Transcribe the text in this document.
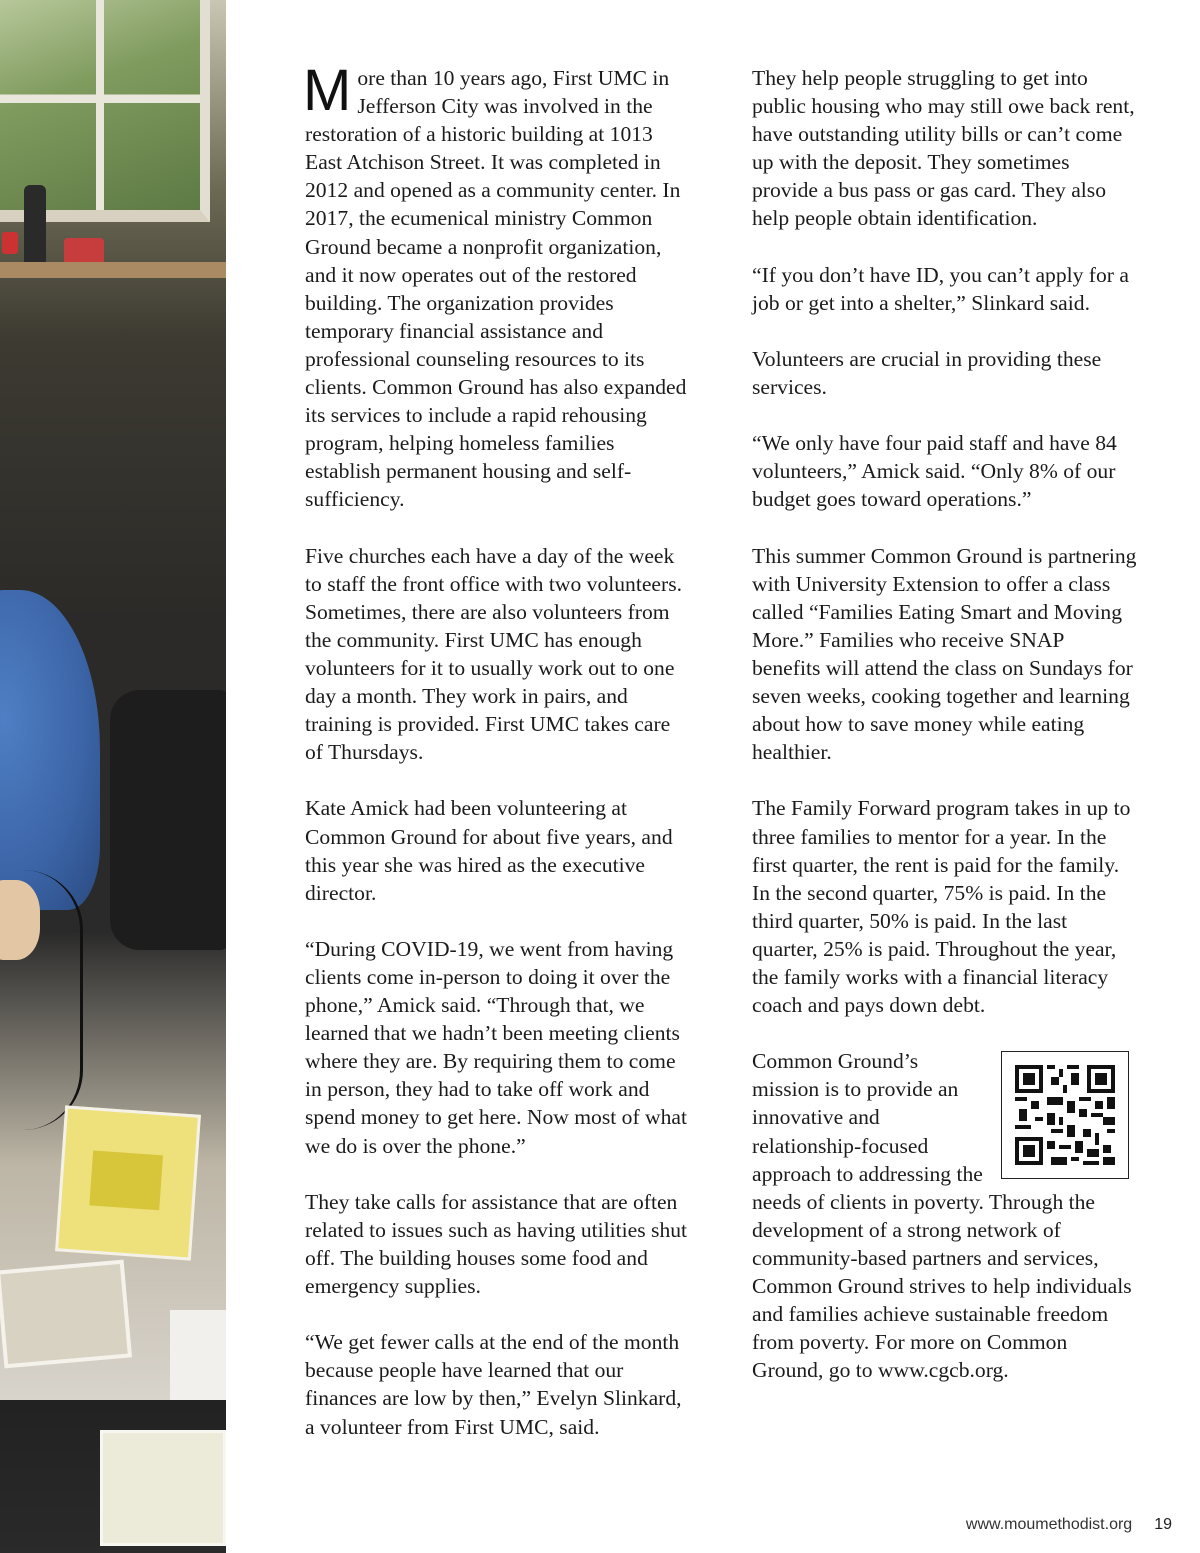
More than 10 years ago, First UMC in Jefferson City was involved in the restoration of a historic building at 1013 East Atchison Street. It was completed in 2012 and opened as a community center. In 2017, the ecumenical ministry Common Ground became a nonprofit organization, and it now operates out of the restored building. The organization provides temporary financial assistance and professional counseling resources to its clients. Common Ground has also expanded its services to include a rapid rehousing program, helping homeless families establish permanent housing and self-sufficiency.

Five churches each have a day of the week to staff the front office with two volunteers. Sometimes, there are also volunteers from the community. First UMC has enough volunteers for it to usually work out to one day a month. They work in pairs, and training is provided. First UMC takes care of Thursdays.

Kate Amick had been volunteering at Common Ground for about five years, and this year she was hired as the executive director.

“During COVID-19, we went from having clients come in-person to doing it over the phone,” Amick said. “Through that, we learned that we hadn’t been meeting clients where they are. By requiring them to come in person, they had to take off work and spend money to get here. Now most of what we do is over the phone.”

They take calls for assistance that are often related to issues such as having utilities shut off. The building houses some food and emergency supplies.

“We get fewer calls at the end of the month because people have learned that our finances are low by then,” Evelyn Slinkard, a volunteer from First UMC, said.

They help people struggling to get into public housing who may still owe back rent, have outstanding utility bills or can’t come up with the deposit. They sometimes provide a bus pass or gas card. They also help people obtain identification.

“If you don’t have ID, you can’t apply for a job or get into a shelter,” Slinkard said.

Volunteers are crucial in providing these services.

“We only have four paid staff and have 84 volunteers,” Amick said. “Only 8% of our budget goes toward operations.”

This summer Common Ground is partnering with University Extension to offer a class called “Families Eating Smart and Moving More.” Families who receive SNAP benefits will attend the class on Sundays for seven weeks, cooking together and learning about how to save money while eating healthier.

The Family Forward program takes in up to three families to mentor for a year. In the first quarter, the rent is paid for the family. In the second quarter, 75% is paid. In the third quarter, 50% is paid. In the last quarter, 25% is paid. Throughout the year, the family works with a financial literacy coach and pays down debt.

Common Ground’s mission is to provide an innovative and relationship-focused approach to addressing the needs of clients in poverty. Through the development of a strong network of community-based partners and services, Common Ground strives to help individuals and families achieve sustainable freedom from poverty. For more on Common Ground, go to www.cgcb.org.

www.moumethodist.org 19
